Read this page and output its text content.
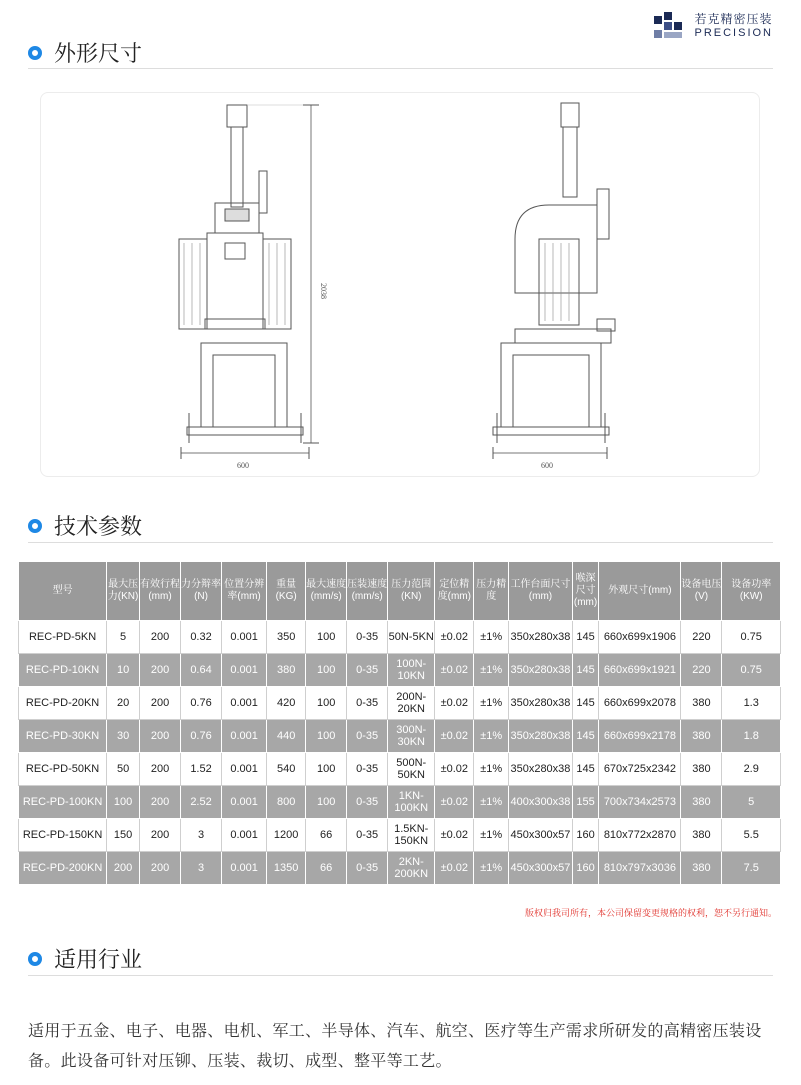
若克精密压装
PRECISION
外形尺寸
600	600
2038
技术参数
型号	最大压力(KN)	有效行程(mm)	力分辩率(N)	位置分辨率(mm)	重量(KG)	最大速度(mm/s)	压装速度(mm/s)	压力范围(KN)	定位精度(mm)	压力精度	工作台面尺寸(mm)	喉深尺寸(mm)	外观尺寸(mm)	设备电压(V)	设备功率(KW)
REC-PD-5KN	5	200	0.32	0.001	350	100	0-35	50N-5KN	±0.02	±1%	350x280x38	145	660x699x1906	220	0.75
REC-PD-10KN	10	200	0.64	0.001	380	100	0-35	100N-10KN	±0.02	±1%	350x280x38	145	660x699x1921	220	0.75
REC-PD-20KN	20	200	0.76	0.001	420	100	0-35	200N-20KN	±0.02	±1%	350x280x38	145	660x699x2078	380	1.3
REC-PD-30KN	30	200	0.76	0.001	440	100	0-35	300N-30KN	±0.02	±1%	350x280x38	145	660x699x2178	380	1.8
REC-PD-50KN	50	200	1.52	0.001	540	100	0-35	500N-50KN	±0.02	±1%	350x280x38	145	670x725x2342	380	2.9
REC-PD-100KN	100	200	2.52	0.001	800	100	0-35	1KN-100KN	±0.02	±1%	400x300x38	155	700x734x2573	380	5
REC-PD-150KN	150	200	3	0.001	1200	66	0-35	1.5KN-150KN	±0.02	±1%	450x300x57	160	810x772x2870	380	5.5
REC-PD-200KN	200	200	3	0.001	1350	66	0-35	2KN-200KN	±0.02	±1%	450x300x57	160	810x797x3036	380	7.5
版权归我司所有，本公司保留变更规格的权利，恕不另行通知。
适用行业
适用于五金、电子、电器、电机、军工、半导体、汽车、航空、医疗等生产需求所研发的高精密压装设备。此设备可针对压铆、压装、裁切、成型、整平等工艺。
